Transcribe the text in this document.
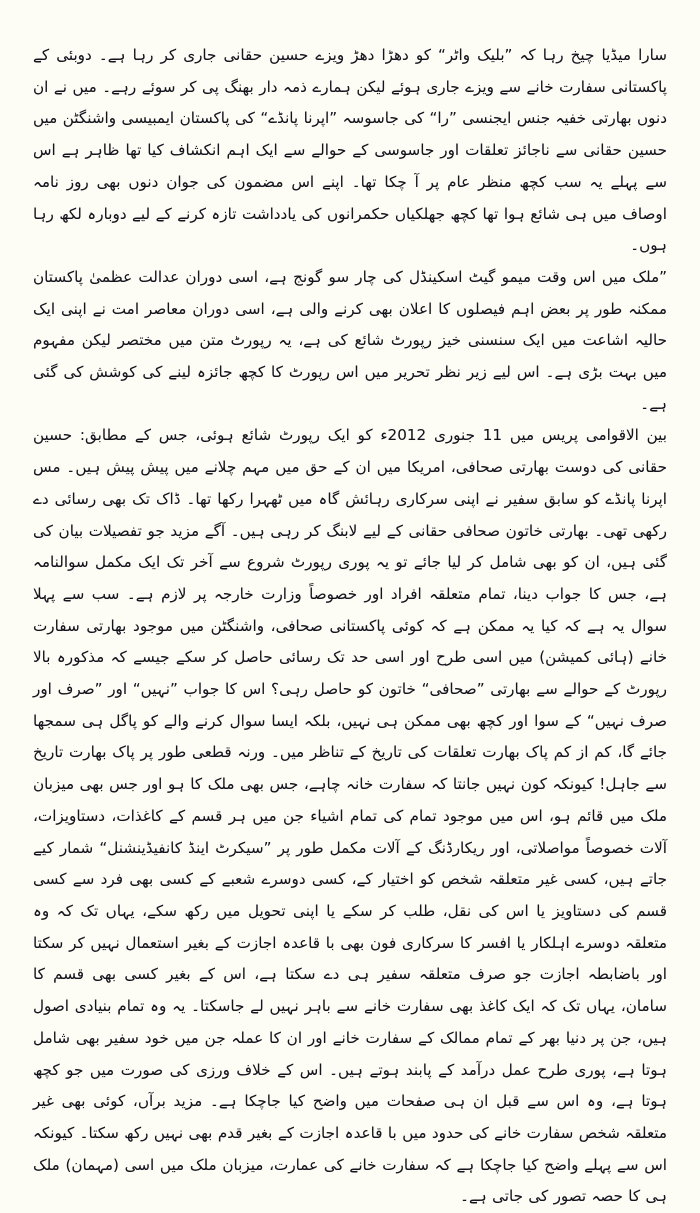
سارا میڈیا چیخ رہا کہ ”بلیک واٹر“ کو دھڑا دھڑ ویزے حسین حقانی جاری کر رہا ہے۔ دوبئی کے پاکستانی سفارت خانے سے ویزے جاری ہوئے لیکن ہمارے ذمہ دار بھنگ پی کر سوئے رہے۔ میں نے ان دنوں بھارتی خفیہ جنس ایجنسی ”را“ کی جاسوسہ ”اپرنا پانڈے“ کی پاکستان ایمبیسی واشنگٹن میں حسین حقانی سے ناجائز تعلقات اور جاسوسی کے حوالے سے ایک اہم انکشاف کیا تھا ظاہر ہے اس سے پہلے یہ سب کچھ منظر عام پر آ چکا تھا۔ اپنے اس مضمون کی جوان دنوں بھی روز نامہ اوصاف میں ہی شائع ہوا تھا کچھ جھلکیاں حکمرانوں کی یادداشت تازہ کرنے کے لیے دوبارہ لکھ رہا ہوں۔

”ملک میں اس وقت میمو گیٹ اسکینڈل کی چار سو گونج ہے، اسی دوران عدالت عظمیٰ پاکستان ممکنہ طور پر بعض اہم فیصلوں کا اعلان بھی کرنے والی ہے، اسی دوران معاصر امت نے اپنی ایک حالیہ اشاعت میں ایک سنسنی خیز رپورٹ شائع کی ہے، یہ رپورٹ متن میں مختصر لیکن مفہوم میں بہت بڑی ہے۔ اس لیے زیر نظر تحریر میں اس رپورٹ کا کچھ جائزہ لینے کی کوشش کی گئی ہے۔

بین الاقوامی پریس میں 11 جنوری 2012ء کو ایک رپورٹ شائع ہوئی، جس کے مطابق: حسین حقانی کی دوست بھارتی صحافی، امریکا میں ان کے حق میں مہم چلانے میں پیش پیش ہیں۔ مس اپرنا پانڈے کو سابق سفیر نے اپنی سرکاری رہائش گاہ میں ٹھہرا رکھا تھا۔ ڈاک تک بھی رسائی دے رکھی تھی۔ بھارتی خاتون صحافی حقانی کے لیے لابنگ کر رہی ہیں۔ آگے مزید جو تفصیلات بیان کی گئی ہیں، ان کو بھی شامل کر لیا جائے تو یہ پوری رپورٹ شروع سے آخر تک ایک مکمل سوالنامہ ہے، جس کا جواب دینا، تمام متعلقہ افراد اور خصوصاً وزارت خارجہ پر لازم ہے۔ سب سے پہلا سوال یہ ہے کہ کیا یہ ممکن ہے کہ کوئی پاکستانی صحافی، واشنگٹن میں موجود بھارتی سفارت خانے (ہائی کمیشن) میں اسی طرح اور اسی حد تک رسائی حاصل کر سکے جیسے کہ مذکورہ بالا رپورٹ کے حوالے سے بھارتی ”صحافی“ خاتون کو حاصل رہی؟ اس کا جواب ”نہیں“ اور ”صرف اور صرف نہیں“ کے سوا اور کچھ بھی ممکن ہی نہیں، بلکہ ایسا سوال کرنے والے کو پاگل ہی سمجھا جائے گا، کم از کم پاک بھارت تعلقات کی تاریخ کے تناظر میں۔ ورنہ قطعی طور پر پاک بھارت تاریخ سے جاہل! کیونکہ کون نہیں جانتا کہ سفارت خانہ چاہے، جس بھی ملک کا ہو اور جس بھی میزبان ملک میں قائم ہو، اس میں موجود تمام کی تمام اشیاء جن میں ہر قسم کے کاغذات، دستاویزات، آلات خصوصاً مواصلاتی، اور ریکارڈنگ کے آلات مکمل طور پر ”سیکرٹ اینڈ کانفیڈینشنل“ شمار کیے جاتے ہیں، کسی غیر متعلقہ شخص کو اختیار کے، کسی دوسرے شعبے کے کسی بھی فرد سے کسی قسم کی دستاویز یا اس کی نقل، طلب کر سکے یا اپنی تحویل میں رکھ سکے، یہاں تک کہ وہ متعلقہ دوسرے اہلکار یا افسر کا سرکاری فون بھی با قاعدہ اجازت کے بغیر استعمال نہیں کر سکتا اور باضابطہ اجازت جو صرف متعلقہ سفیر ہی دے سکتا ہے، اس کے بغیر کسی بھی قسم کا سامان، یہاں تک کہ ایک کاغذ بھی سفارت خانے سے باہر نہیں لے جاسکتا۔ یہ وہ تمام بنیادی اصول ہیں، جن پر دنیا بھر کے تمام ممالک کے سفارت خانے اور ان کا عملہ جن میں خود سفیر بھی شامل ہوتا ہے، پوری طرح عمل درآمد کے پابند ہوتے ہیں۔ اس کے خلاف ورزی کی صورت میں جو کچھ ہوتا ہے، وہ اس سے قبل ان ہی صفحات میں واضح کیا جاچکا ہے۔ مزید برآں، کوئی بھی غیر متعلقہ شخص سفارت خانے کی حدود میں با قاعدہ اجازت کے بغیر قدم بھی نہیں رکھ سکتا۔ کیونکہ اس سے پہلے واضح کیا جاچکا ہے کہ سفارت خانے کی عمارت، میزبان ملک میں اسی (مہمان) ملک ہی کا حصہ تصور کی جاتی ہے۔
